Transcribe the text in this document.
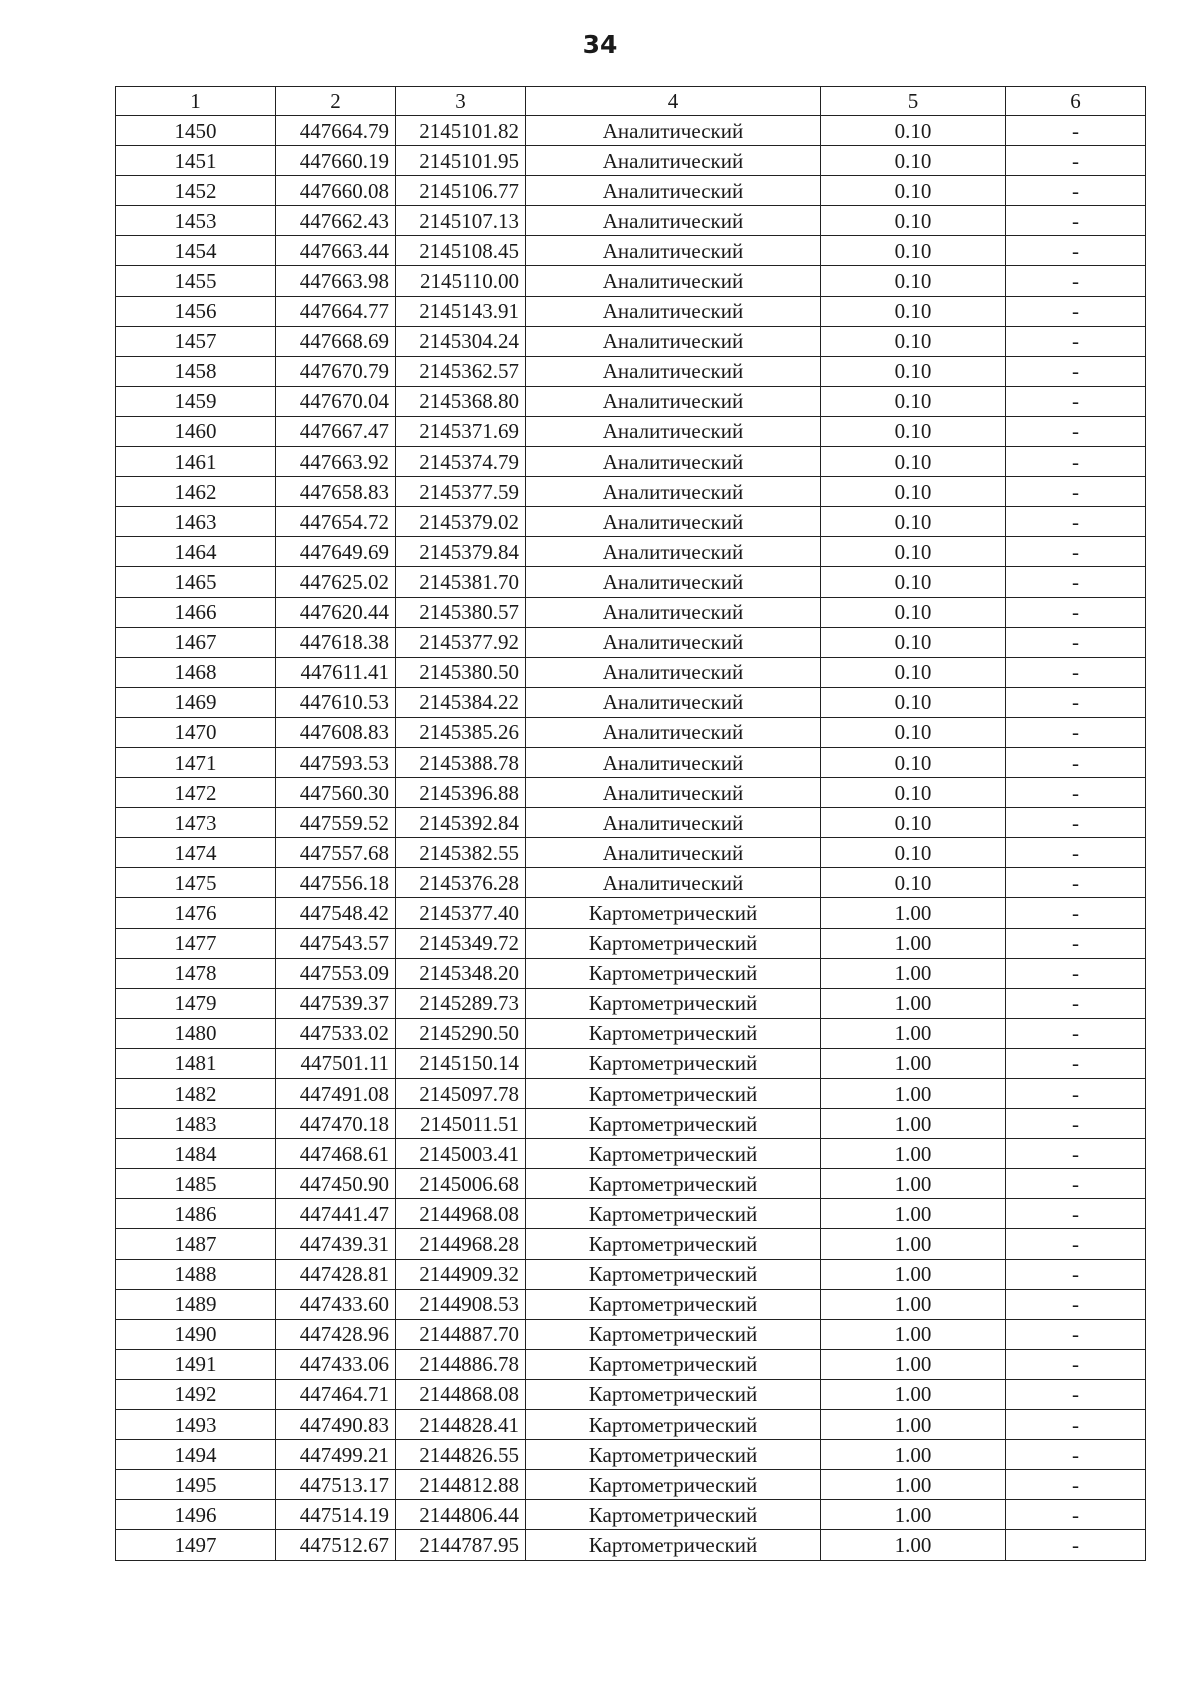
34
1	2	3	4	5	6
1450	447664.79	2145101.82	Аналитический	0.10	-
1451	447660.19	2145101.95	Аналитический	0.10	-
1452	447660.08	2145106.77	Аналитический	0.10	-
1453	447662.43	2145107.13	Аналитический	0.10	-
1454	447663.44	2145108.45	Аналитический	0.10	-
1455	447663.98	2145110.00	Аналитический	0.10	-
1456	447664.77	2145143.91	Аналитический	0.10	-
1457	447668.69	2145304.24	Аналитический	0.10	-
1458	447670.79	2145362.57	Аналитический	0.10	-
1459	447670.04	2145368.80	Аналитический	0.10	-
1460	447667.47	2145371.69	Аналитический	0.10	-
1461	447663.92	2145374.79	Аналитический	0.10	-
1462	447658.83	2145377.59	Аналитический	0.10	-
1463	447654.72	2145379.02	Аналитический	0.10	-
1464	447649.69	2145379.84	Аналитический	0.10	-
1465	447625.02	2145381.70	Аналитический	0.10	-
1466	447620.44	2145380.57	Аналитический	0.10	-
1467	447618.38	2145377.92	Аналитический	0.10	-
1468	447611.41	2145380.50	Аналитический	0.10	-
1469	447610.53	2145384.22	Аналитический	0.10	-
1470	447608.83	2145385.26	Аналитический	0.10	-
1471	447593.53	2145388.78	Аналитический	0.10	-
1472	447560.30	2145396.88	Аналитический	0.10	-
1473	447559.52	2145392.84	Аналитический	0.10	-
1474	447557.68	2145382.55	Аналитический	0.10	-
1475	447556.18	2145376.28	Аналитический	0.10	-
1476	447548.42	2145377.40	Картометрический	1.00	-
1477	447543.57	2145349.72	Картометрический	1.00	-
1478	447553.09	2145348.20	Картометрический	1.00	-
1479	447539.37	2145289.73	Картометрический	1.00	-
1480	447533.02	2145290.50	Картометрический	1.00	-
1481	447501.11	2145150.14	Картометрический	1.00	-
1482	447491.08	2145097.78	Картометрический	1.00	-
1483	447470.18	2145011.51	Картометрический	1.00	-
1484	447468.61	2145003.41	Картометрический	1.00	-
1485	447450.90	2145006.68	Картометрический	1.00	-
1486	447441.47	2144968.08	Картометрический	1.00	-
1487	447439.31	2144968.28	Картометрический	1.00	-
1488	447428.81	2144909.32	Картометрический	1.00	-
1489	447433.60	2144908.53	Картометрический	1.00	-
1490	447428.96	2144887.70	Картометрический	1.00	-
1491	447433.06	2144886.78	Картометрический	1.00	-
1492	447464.71	2144868.08	Картометрический	1.00	-
1493	447490.83	2144828.41	Картометрический	1.00	-
1494	447499.21	2144826.55	Картометрический	1.00	-
1495	447513.17	2144812.88	Картометрический	1.00	-
1496	447514.19	2144806.44	Картометрический	1.00	-
1497	447512.67	2144787.95	Картометрический	1.00	-
